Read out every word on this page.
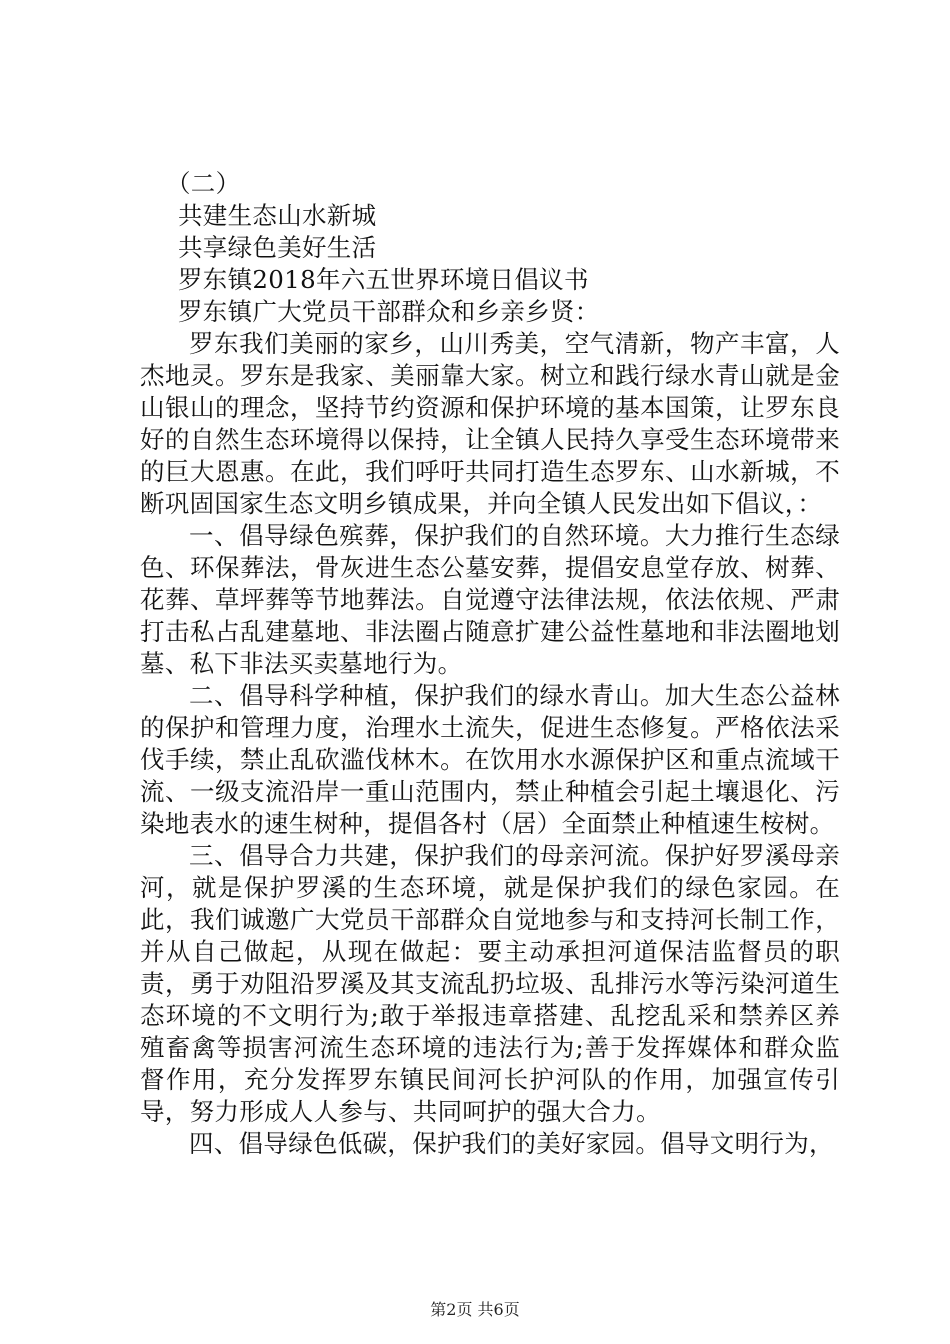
（二）

共建生态山水新城

共享绿色美好生活

罗东镇2018年六五世界环境日倡议书

罗东镇广大党员干部群众和乡亲乡贤：

罗东我们美丽的家乡，山川秀美，空气清新，物产丰富，人杰地灵。罗东是我家、美丽靠大家。树立和践行绿水青山就是金山银山的理念，坚持节约资源和保护环境的基本国策，让罗东良好的自然生态环境得以保持，让全镇人民持久享受生态环境带来的巨大恩惠。在此，我们呼吁共同打造生态罗东、山水新城，不断巩固国家生态文明乡镇成果，并向全镇人民发出如下倡议，：

一、倡导绿色殡葬，保护我们的自然环境。大力推行生态绿色、环保葬法，骨灰进生态公墓安葬，提倡安息堂存放、树葬、花葬、草坪葬等节地葬法。自觉遵守法律法规，依法依规、严肃打击私占乱建墓地、非法圈占随意扩建公益性墓地和非法圈地划墓、私下非法买卖墓地行为。

二、倡导科学种植，保护我们的绿水青山。加大生态公益林的保护和管理力度，治理水土流失，促进生态修复。严格依法采伐手续，禁止乱砍滥伐林木。在饮用水水源保护区和重点流域干流、一级支流沿岸一重山范围内，禁止种植会引起土壤退化、污染地表水的速生树种，提倡各村（居）全面禁止种植速生桉树。

三、倡导合力共建，保护我们的母亲河流。保护好罗溪母亲河，就是保护罗溪的生态环境，就是保护我们的绿色家园。在此，我们诚邀广大党员干部群众自觉地参与和支持河长制工作，并从自己做起，从现在做起：要主动承担河道保洁监督员的职责，勇于劝阻沿罗溪及其支流乱扔垃圾、乱排污水等污染河道生态环境的不文明行为;敢于举报违章搭建、乱挖乱采和禁养区养殖畜禽等损害河流生态环境的违法行为;善于发挥媒体和群众监督作用，充分发挥罗东镇民间河长护河队的作用，加强宣传引导，努力形成人人参与、共同呵护的强大合力。

四、倡导绿色低碳，保护我们的美好家园。倡导文明行为，

第2页 共6页
